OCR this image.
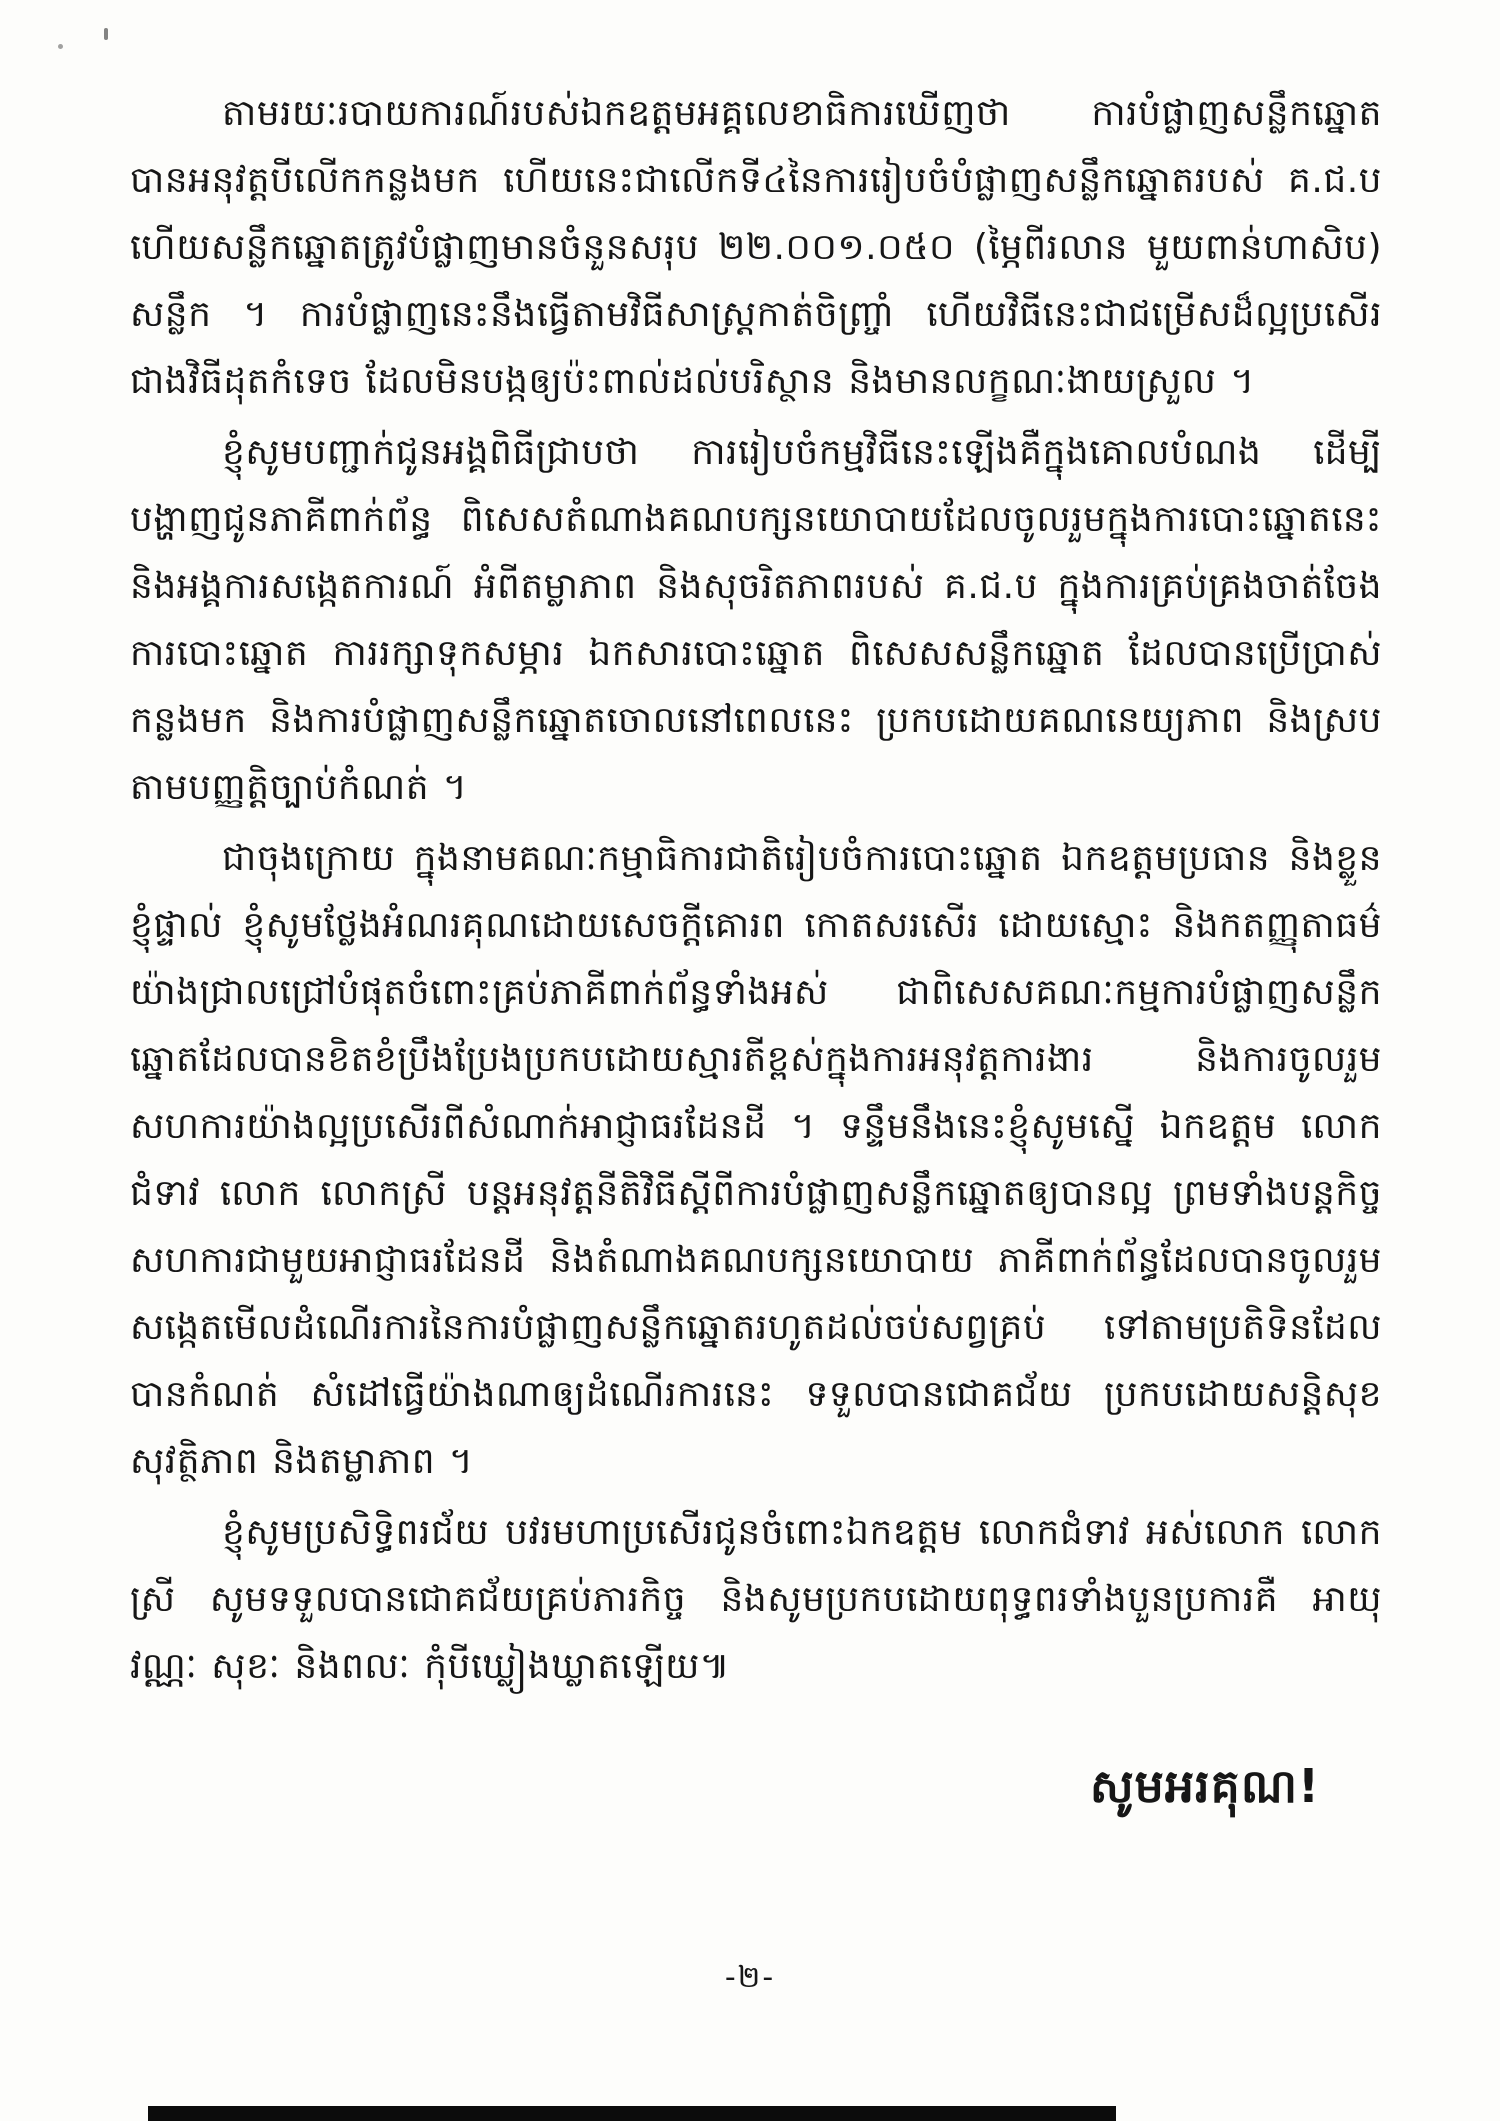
តាមរយៈរបាយការណ៍របស់ឯកឧត្តមអគ្គលេខាធិការឃើញថា ការបំផ្លាញសន្លឹកឆ្នោត បានអនុវត្តបីលើកកន្លងមក ហើយនេះជាលើកទី៤នៃការរៀបចំបំផ្លាញសន្លឹកឆ្នោតរបស់ គ.ជ.ប ហើយសន្លឹកឆ្នោតត្រូវបំផ្លាញមានចំនួនសរុប ២២.០០១.០៥០ (ម្ភៃពីរលាន មួយពាន់ហាសិប) សន្លឹក ។ ការបំផ្លាញនេះនឹងធ្វើតាមវិធីសាស្ត្រកាត់ចិញ្ច្រាំ ហើយវិធីនេះជាជម្រើសដ៏ល្អប្រសើរ ជាងវិធីដុតកំទេច ដែលមិនបង្កឲ្យប៉ះពាល់ដល់បរិស្ថាន និងមានលក្ខណៈងាយស្រួល ។

ខ្ញុំសូមបញ្ជាក់ជូនអង្គពិធីជ្រាបថា ការរៀបចំកម្មវិធីនេះឡើងគឺក្នុងគោលបំណង ដើម្បីបង្ហាញជូនភាគីពាក់ព័ន្ធ ពិសេសតំណាងគណបក្សនយោបាយដែលចូលរួមក្នុងការបោះឆ្នោតនេះ និងអង្គការសង្កេតការណ៍ អំពីតម្លាភាព និងសុចរិតភាពរបស់ គ.ជ.ប ក្នុងការគ្រប់គ្រងចាត់ចែងការបោះឆ្នោត ការរក្សាទុកសម្ភារ ឯកសារបោះឆ្នោត ពិសេសសន្លឹកឆ្នោត ដែលបានប្រើប្រាស់កន្លងមក និងការបំផ្លាញសន្លឹកឆ្នោតចោលនៅពេលនេះ ប្រកបដោយគណនេយ្យភាព និងស្របតាមបញ្ញត្តិច្បាប់កំណត់ ។

ជាចុងក្រោយ ក្នុងនាមគណៈកម្មាធិការជាតិរៀបចំការបោះឆ្នោត ឯកឧត្តមប្រធាន និងខ្លួនខ្ញុំផ្ទាល់ ខ្ញុំសូមថ្លែងអំណរគុណដោយសេចក្ដីគោរព កោតសរសើរ ដោយស្មោះ និងកតញ្ញុតាធម៌ យ៉ាងជ្រាលជ្រៅបំផុតចំពោះគ្រប់ភាគីពាក់ព័ន្ធទាំងអស់ ជាពិសេសគណៈកម្មការបំផ្លាញសន្លឹកឆ្នោតដែលបានខិតខំប្រឹងប្រែងប្រកបដោយស្មារតីខ្ពស់ក្នុងការអនុវត្តការងារ និងការចូលរួមសហការយ៉ាងល្អប្រសើរពីសំណាក់អាជ្ញាធរដែនដី ។ ទន្ទឹមនឹងនេះខ្ញុំសូមស្នើ ឯកឧត្តម លោកជំទាវ លោក លោកស្រី បន្តអនុវត្តនីតិវិធីស្ដីពីការបំផ្លាញសន្លឹកឆ្នោតឲ្យបានល្អ ព្រមទាំងបន្តកិច្ចសហការជាមួយអាជ្ញាធរដែនដី និងតំណាងគណបក្សនយោបាយ ភាគីពាក់ព័ន្ធដែលបានចូលរួមសង្កេតមើលដំណើរការនៃការបំផ្លាញសន្លឹកឆ្នោតរហូតដល់ចប់សព្វគ្រប់ ទៅតាមប្រតិទិនដែលបានកំណត់ សំដៅធ្វើយ៉ាងណាឲ្យដំណើរការនេះ ទទួលបានជោគជ័យ ប្រកបដោយសន្តិសុខ សុវត្ថិភាព និងតម្លាភាព ។

ខ្ញុំសូមប្រសិទ្ធិពរជ័យ បវរមហាប្រសើរជូនចំពោះឯកឧត្តម លោកជំទាវ អស់លោក លោកស្រី សូមទទួលបានជោគជ័យគ្រប់ភារកិច្ច និងសូមប្រកបដោយពុទ្ធពរទាំងបួនប្រការគឺ អាយុ វណ្ណៈ សុខៈ និងពលៈ កុំបីឃ្លៀងឃ្លាតឡើយ៕

សូមអរគុណ!
-២-
